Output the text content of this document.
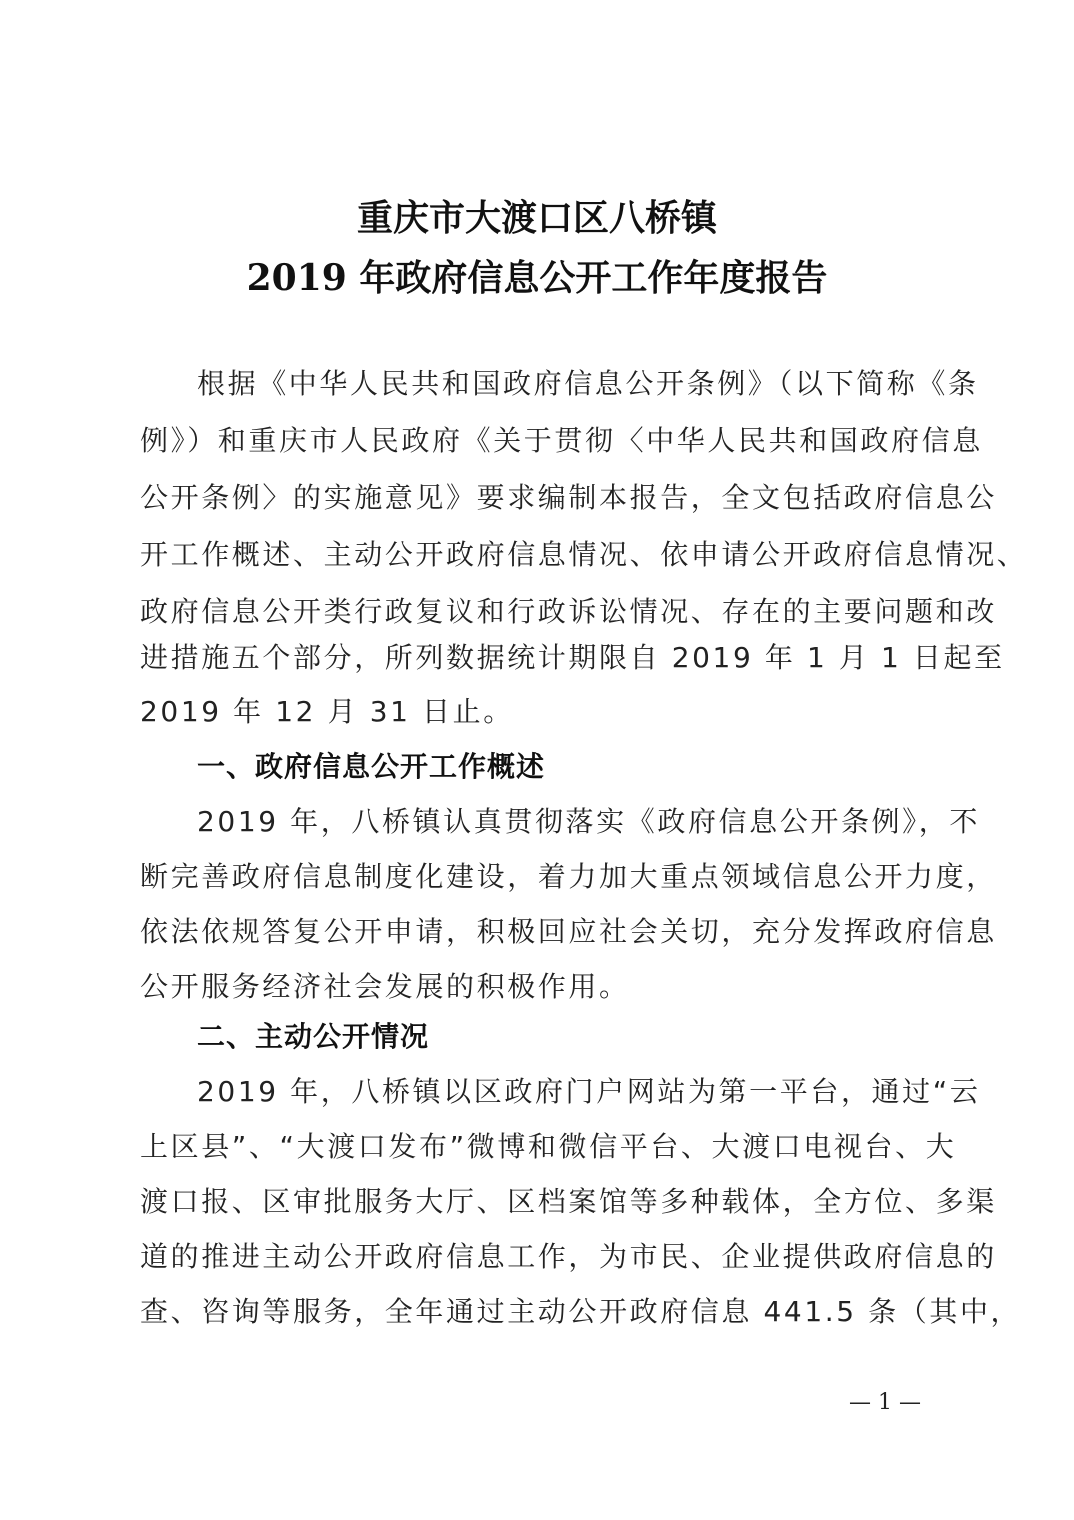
重庆市大渡口区八桥镇
2019 年政府信息公开工作年度报告
根据《中华人民共和国政府信息公开条例》（以下简称《条
例》）和重庆市人民政府《关于贯彻〈中华人民共和国政府信息
公开条例〉的实施意见》要求编制本报告，全文包括政府信息公
开工作概述、主动公开政府信息情况、依申请公开政府信息情况、
政府信息公开类行政复议和行政诉讼情况、存在的主要问题和改
进措施五个部分，所列数据统计期限自 2019 年 1 月 1 日起至
2019 年 12 月 31 日止。
一、政府信息公开工作概述
2019 年，八桥镇认真贯彻落实《政府信息公开条例》，不
断完善政府信息制度化建设，着力加大重点领域信息公开力度，
依法依规答复公开申请，积极回应社会关切，充分发挥政府信息
公开服务经济社会发展的积极作用。
二、主动公开情况
2019 年，八桥镇以区政府门户网站为第一平台，通过“云
上区县”、“大渡口发布”微博和微信平台、大渡口电视台、大
渡口报、区审批服务大厅、区档案馆等多种载体，全方位、多渠
道的推进主动公开政府信息工作，为市民、企业提供政府信息的
查、咨询等服务，全年通过主动公开政府信息 441.5 条（其中，
— 1 —
